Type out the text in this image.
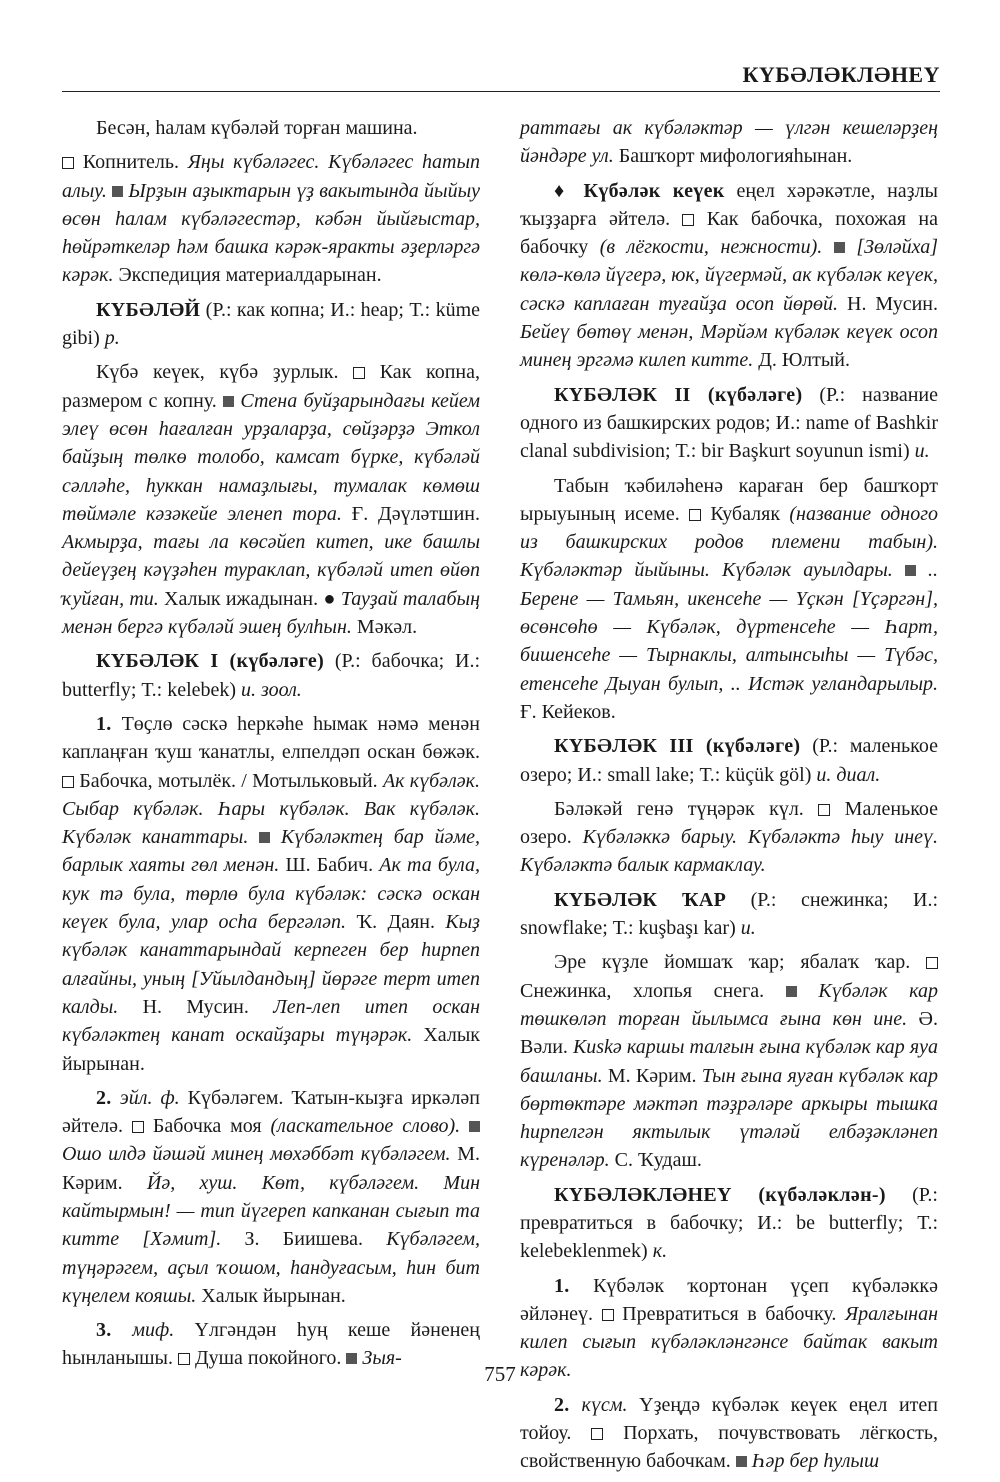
КҮБӘЛӘКЛӘНЕҮ

Бесән, һалам күбәләй торған машина.

Копнитель. Яңы күбәләгес. Күбәләгес һатып алыу.  Ырҙын аҙыктарын үҙ вакытында йыйыу өсөн һалам күбәләгестәр, кәбән йыйғыстар, һөйрәткеләр һәм башка кәрәк-яракты әҙерләргә кәрәк. Экспедиция материалдарынан.

КҮБӘЛӘЙ (Р.: как копна; И.: heap; Т.: küme gibi) р.

Күбә кеүек, күбә ҙурлык.  Как копна, размером с копну.  Стена буйҙарындағы кейем элеү өсөн һағалған урҙаларҙа, сөйҙәрҙә Эткол байҙың төлкө толобо, камсат бүрке, күбәләй сәлләһе, һуккан намаҙлығы, тумалак көмөш төймәле кәзәкейе эленеп тора. Ғ. Дәүләтшин. Акмырҙа, тағы ла көсәйеп китеп, ике башлы дейеүҙең кәүҙәһен тураклап, күбәләй итеп өйөп ҡуйған, ти. Халык ижадынан. ● Тауҙай талабың менән бергә күбәләй эшең булһын. Мәкәл.

КҮБӘЛӘК I (күбәләге) (Р.: бабочка; И.: butterfly; Т.: kelebek) и. зоол.

1. Төҫлө сәскә һеркәһе һымак нәмә менән каплаңған ҡуш ҡанатлы, елпелдәп оскан бөжәк.  Бабочка, мотылёк. / Мотыльковый. Ак күбәләк. Сыбар күбәләк. Һары күбәләк. Вак күбәләк. Күбәләк канаттары.  Күбәләктең бар йәме, барлык хаяты гөл менән. Ш. Бабич. Ак та була, кук тә була, төрлө була күбәләк: сәскә оскан кеүек була, улар осһа бергәләп. Ҡ. Даян. Кыҙ күбәләк канаттарындай керпеген бер һирпеп алғайны, уның [Уйылдандың] йөрәге терт итеп калды. Н. Мусин. Леп-леп итеп оскан күбәләктең канат оскайҙары түңәрәк. Халык йырынан.

2. эйл. ф. Күбәләгем. Ҡатын-кыҙға иркәләп әйтелә.  Бабочка моя (ласкательное слово).  Ошо илдә йәшәй минең мөхәббәт күбәләгем. М. Кәрим. Йә, хуш. Көт, күбәләгем. Мин кайтырмын! — тип йүгереп капканан сығып та китте [Хәмит]. З. Биишева. Күбәләгем, түңәрәгем, аҫыл ҡошом, һандуғасым, һин бит күңелем кояшы. Халык йырынан.

3. миф. Үлгәндән һуң кеше йәненең һынланышы.  Душа покойного.  Зыя-

раттағы ак күбәләктәр — үлгән кешеләрҙең йәндәре ул. Башҡорт мифологияһынан.

♦ Күбәләк кеүек еңел хәрәкәтле, наҙлы ҡыҙҙарға әйтелә.  Как бабочка, похожая на бабочку (в лёгкости, нежности).  [Зөләйха] көлә-көлә йүгерә, юк, йүгермәй, ак күбәләк кеүек, сәскә каплаған туғайҙа осоп йөрөй. Н. Мусин. Бейеү бөтөү менән, Мәрйәм күбәләк кеүек осоп минең эргәмә килеп китте. Д. Юлтый.

КҮБӘЛӘК II (күбәләге) (Р.: название одного из башкирских родов; И.: name of Bashkir clanal subdivision; Т.: bir Başkurt soyunun ismi) и.

Табын ҡәбиләһенә караған бер башҡорт ырыуының исеме.  Кубаляк (название одного из башкирских родов племени табын). Күбәләктәр йыйыны. Күбәләк ауылдары.  .. Берене — Тамьян, икенсеһе — Үҫкән [Үҫәргән], өсөнсөһө — Күбәләк, дүртенсеһе — Һарт, бишенсеһе — Тырнаклы, алтынсыһы — Түбәс, етенсеһе Дыуан булып, .. Истәк уғландарылыр. Ғ. Кейеков.

КҮБӘЛӘК III (күбәләге) (Р.: маленькое озеро; И.: small lake; Т.: küçük göl) и. диал.

Бәләкәй генә түңәрәк күл.  Маленькое озеро. Күбәләккә барыу. Күбәләктә һыу инеү. Күбәләктә балык кармаклау.

КҮБӘЛӘК ҠАР (Р.: снежинка; И.: snowflake; Т.: kuşbaşı kar) и.

Эре күҙле йомшаҡ ҡар; ябалаҡ ҡар.  Снежинка, хлопья снега.  Күбәләк кар төшкөләп торған йылымса ғына көн ине. Ә. Вәли. Киskә каршы талғын ғына күбәләк кар яуа башланы. М. Кәрим. Тын ғына яуған күбәләк кар бөртөктәре мәктәп тәҙрәләре аркыры тышка һирпелгән яктылык үтәләй елбәҙәкләнеп күренәләр. С. Ҡудаш.

КҮБӘЛӘКЛӘНЕҮ (күбәләклән-) (Р.: превратиться в бабочку; И.: be butterfly; Т.: kelebeklenmek) к.

1. Күбәләк ҡортонан үҫеп күбәләккә әйләнеү.  Превратиться в бабочку. Яралғынан килеп сығып күбәләкләнгәнсе байтак вакыт кәрәк.

2. күсм. Үҙеңдә күбәләк кеүек еңел итеп тойоу.  Порхать, почувствовать лёгкость, свойственную бабочкам.  Һәр бер һулыш

757
